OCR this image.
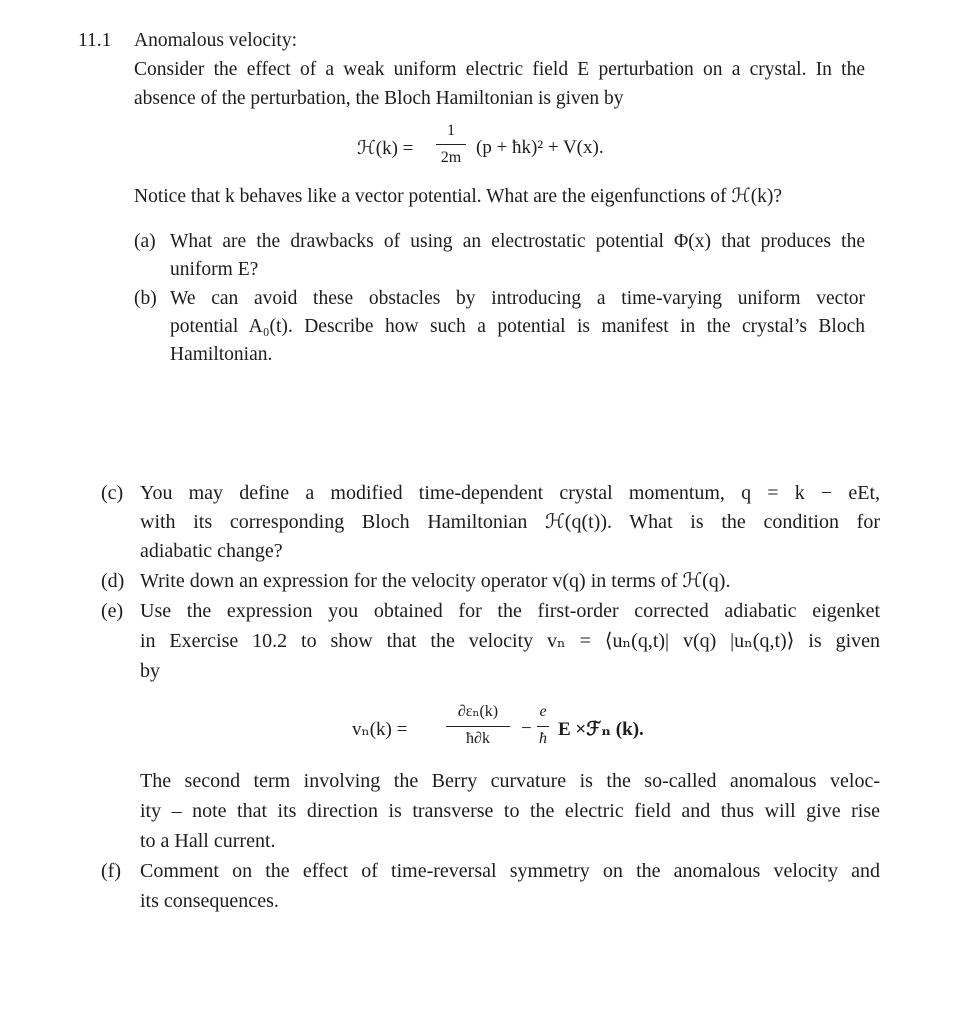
11.1 Anomalous velocity:
Consider the effect of a weak uniform electric field E perturbation on a crystal. In the
absence of the perturbation, the Bloch Hamiltonian is given by
ℋ(k) =
1
2m (p + ħk)² + V(x).
Notice that k behaves like a vector potential. What are the eigenfunctions of ℋ(k)?
(a) What are the drawbacks of using an electrostatic potential Φ(x) that produces the
uniform E?
(b) We can avoid these obstacles by introducing a time-varying uniform vector
potential A₀(t). Describe how such a potential is manifest in the crystal’s Bloch
Hamiltonian.
(c) You may define a modified time-dependent crystal momentum, q = k − eEt,
with its corresponding Bloch Hamiltonian ℋ(q(t)). What is the condition for
adiabatic change?
(d) Write down an expression for the velocity operator v(q) in terms of ℋ(q).
(e) Use the expression you obtained for the first-order corrected adiabatic eigenket
in Exercise 10.2 to show that the velocity vₙ = ⟨uₙ(q,t)| v(q) |uₙ(q,t)⟩ is given
by
vₙ(k) =
∂εₙ(k)
ħ∂k	−
e
ħ E ×ℱₙ (k).
The second term involving the Berry curvature is the so-called anomalous veloc-
ity – note that its direction is transverse to the electric field and thus will give rise
to a Hall current.
(f) Comment on the effect of time-reversal symmetry on the anomalous velocity and
its consequences.
